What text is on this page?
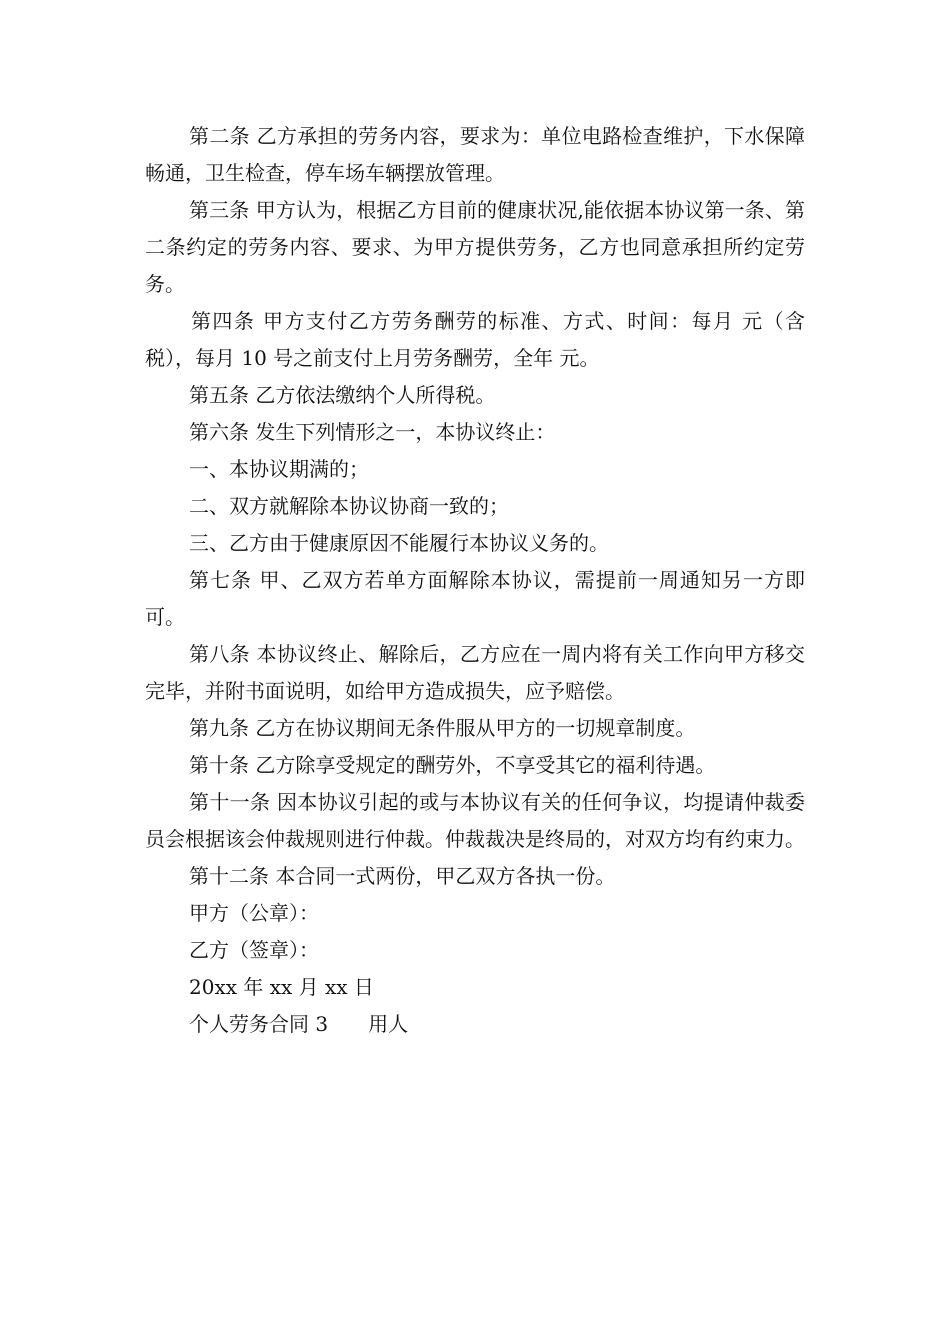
第二条 乙方承担的劳务内容，要求为：单位电路检查维护，下水保障畅通，卫生检查，停车场车辆摆放管理。

第三条 甲方认为，根据乙方目前的健康状况,能依据本协议第一条、第二条约定的劳务内容、要求、为甲方提供劳务，乙方也同意承担所约定劳务。

第四条 甲方支付乙方劳务酬劳的标准、方式、时间：每月 元（含税），每月 10 号之前支付上月劳务酬劳，全年 元。

第五条 乙方依法缴纳个人所得税。

第六条 发生下列情形之一，本协议终止：

一、本协议期满的；

二、双方就解除本协议协商一致的；

三、乙方由于健康原因不能履行本协议义务的。

第七条 甲、乙双方若单方面解除本协议，需提前一周通知另一方即可。

第八条 本协议终止、解除后，乙方应在一周内将有关工作向甲方移交完毕，并附书面说明，如给甲方造成损失，应予赔偿。

第九条 乙方在协议期间无条件服从甲方的一切规章制度。

第十条 乙方除享受规定的酬劳外，不享受其它的福利待遇。

第十一条 因本协议引起的或与本协议有关的任何争议，均提请仲裁委员会根据该会仲裁规则进行仲裁。仲裁裁决是终局的，对双方均有约束力。

第十二条 本合同一式两份，甲乙双方各执一份。

甲方（公章）：

乙方（签章）：

20xx 年 xx 月 xx 日

个人劳务合同 3 用人
